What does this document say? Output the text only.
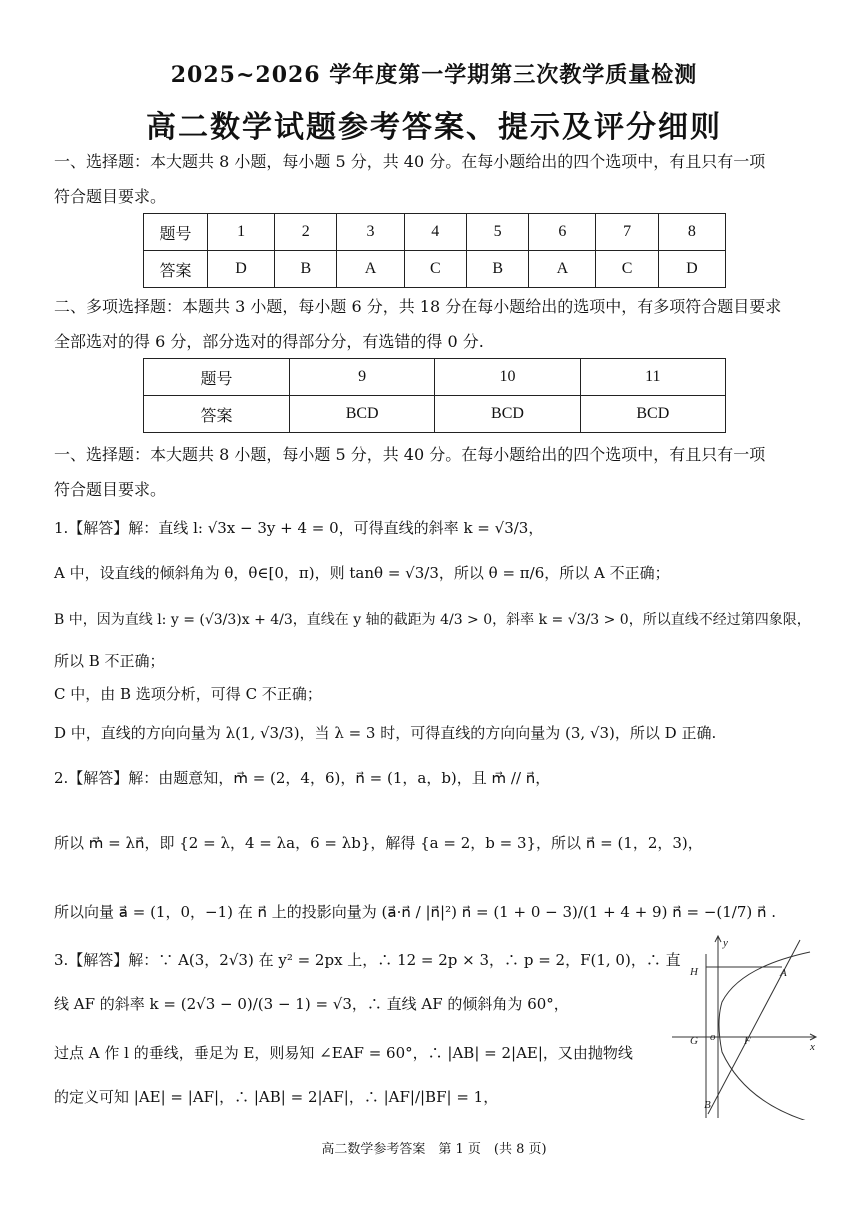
2025~2026 学年度第一学期第三次教学质量检测
高二数学试题参考答案、提示及评分细则
一、选择题：本大题共 8 小题，每小题 5 分，共 40 分。在每小题给出的四个选项中，有且只有一项
符合题目要求。
题号	1	2	3	4	5	6	7	8
答案	D	B	A	C	B	A	C	D
二、多项选择题：本题共 3 小题，每小题 6 分，共 18 分在每小题给出的选项中，有多项符合题目要求
全部选对的得 6 分，部分选对的得部分分，有选错的得 0 分.
题号	9	10	11
答案	BCD	BCD	BCD
一、选择题：本大题共 8 小题，每小题 5 分，共 40 分。在每小题给出的四个选项中，有且只有一项
符合题目要求。
1.【解答】解：直线 l: √3x − 3y + 4 = 0，可得直线的斜率 k = √3/3，
A 中，设直线的倾斜角为 θ，θ∈[0，π)，则 tanθ = √3/3，所以 θ = π/6，所以 A 不正确；
B 中，因为直线 l: y = (√3/3)x + 4/3，直线在 y 轴的截距为 4/3 > 0，斜率 k = √3/3 > 0，所以直线不经过第四象限，
所以 B 不正确；
C 中，由 B 选项分析，可得 C 不正确；
D 中，直线的方向向量为 λ(1, √3/3)，当 λ = 3 时，可得直线的方向向量为 (3, √3)，所以 D 正确.
2.【解答】解：由题意知，m⃗ = (2，4，6)，n⃗ = (1，a，b)，且 m⃗ // n⃗，
所以 m⃗ = λn⃗，即 {2 = λ，4 = λa，6 = λb}，解得 {a = 2，b = 3}，所以 n⃗ = (1，2，3)，
所以向量 a⃗ = (1，0，−1) 在 n⃗ 上的投影向量为 (a⃗·n⃗ / |n⃗|²) n⃗ = (1 + 0 − 3)/(1 + 4 + 9) n⃗ = −(1/7) n⃗ .
3.【解答】解：∵ A(3，2√3) 在 y² = 2px 上，∴ 12 = 2p × 3，∴ p = 2，F(1, 0)，∴ 直
线 AF 的斜率 k = (2√3 − 0)/(3 − 1) = √3，∴ 直线 AF 的倾斜角为 60°，
过点 A 作 l 的垂线，垂足为 E，则易知 ∠EAF = 60°，∴ |AB| = 2|AE|，又由抛物线
的定义可知 |AE| = |AF|，∴ |AB| = 2|AF|，∴ |AF|/|BF| = 1，
y
x
H	A
G o	F
B
高二数学参考答案　第 1 页　(共 8 页)
